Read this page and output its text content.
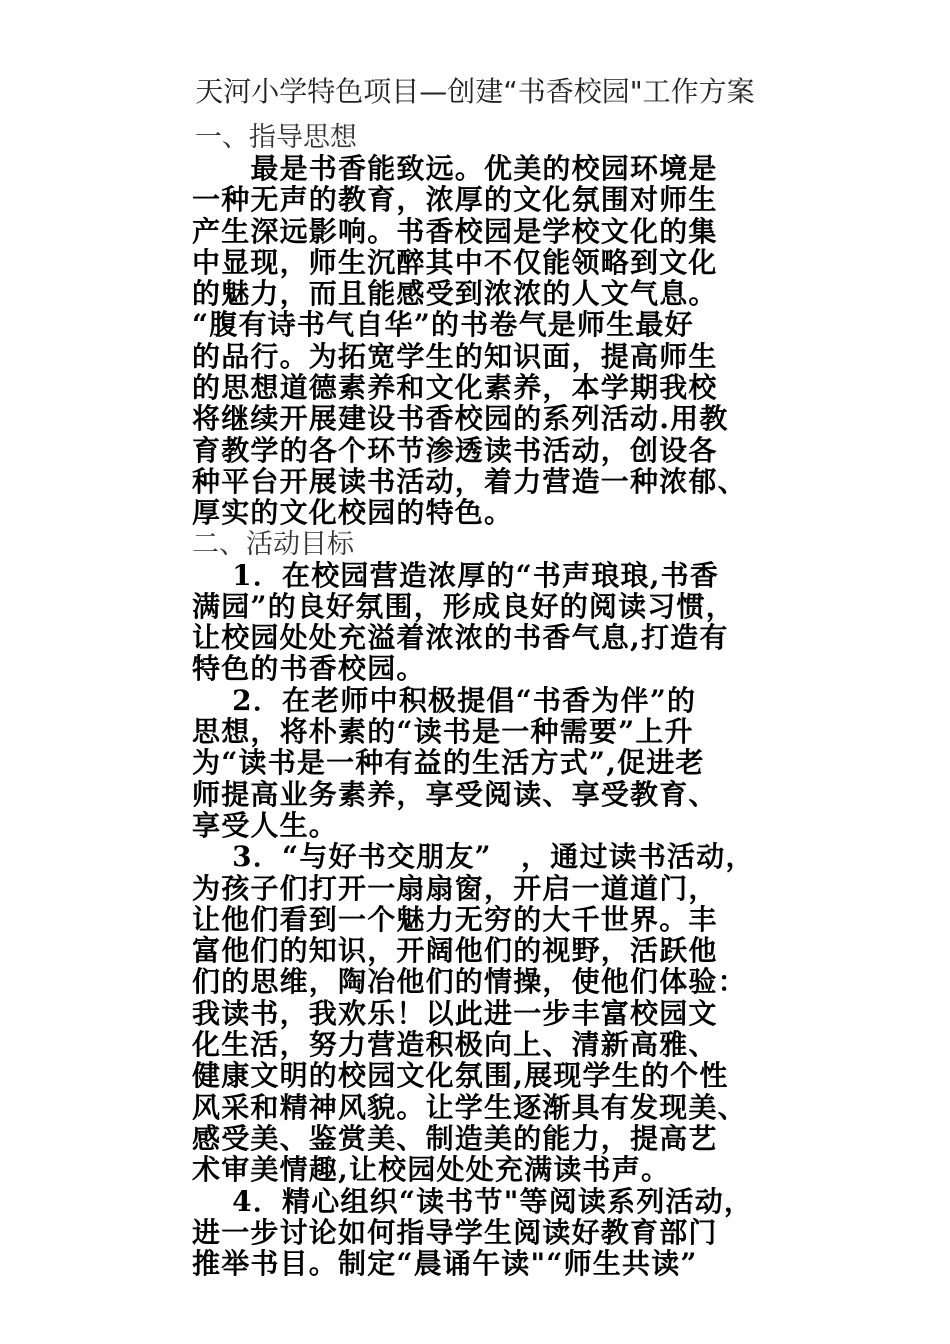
天河小学特色项目—创建“书香校园"工作方案
一、指导思想
　　最是书香能致远。优美的校园环境是
一种无声的教育，浓厚的文化氛围对师生
产生深远影响。书香校园是学校文化的集
中显现，师生沉醉其中不仅能领略到文化
的魅力，而且能感受到浓浓的人文气息。
“腹有诗书气自华”的书卷气是师生最好
的品行。为拓宽学生的知识面，提高师生
的思想道德素养和文化素养，本学期我校
将继续开展建设书香校园的系列活动.用教
育教学的各个环节渗透读书活动，创设各
种平台开展读书活动，着力营造一种浓郁、
厚实的文化校园的特色。
二、活动目标
　 1．在校园营造浓厚的“书声琅琅,书香
满园”的良好氛围，形成良好的阅读习惯，
让校园处处充溢着浓浓的书香气息,打造有
特色的书香校园。
　 2．在老师中积极提倡“书香为伴”的
思想，将朴素的“读书是一种需要”上升
为“读书是一种有益的生活方式”,促进老
师提高业务素养，享受阅读、享受教育、
享受人生。
　 3．“与好书交朋友”　，通过读书活动，
为孩子们打开一扇扇窗，开启一道道门，
让他们看到一个魅力无穷的大千世界。丰
富他们的知识，开阔他们的视野，活跃他
们的思维，陶冶他们的情操，使他们体验：
我读书，我欢乐！以此进一步丰富校园文
化生活，努力营造积极向上、清新高雅、
健康文明的校园文化氛围,展现学生的个性
风采和精神风貌。让学生逐渐具有发现美、
感受美、鉴赏美、制造美的能力，提高艺
术审美情趣,让校园处处充满读书声。
　 4．精心组织“读书节"等阅读系列活动，
进一步讨论如何指导学生阅读好教育部门
推举书目。制定“晨诵午读"“师生共读”
